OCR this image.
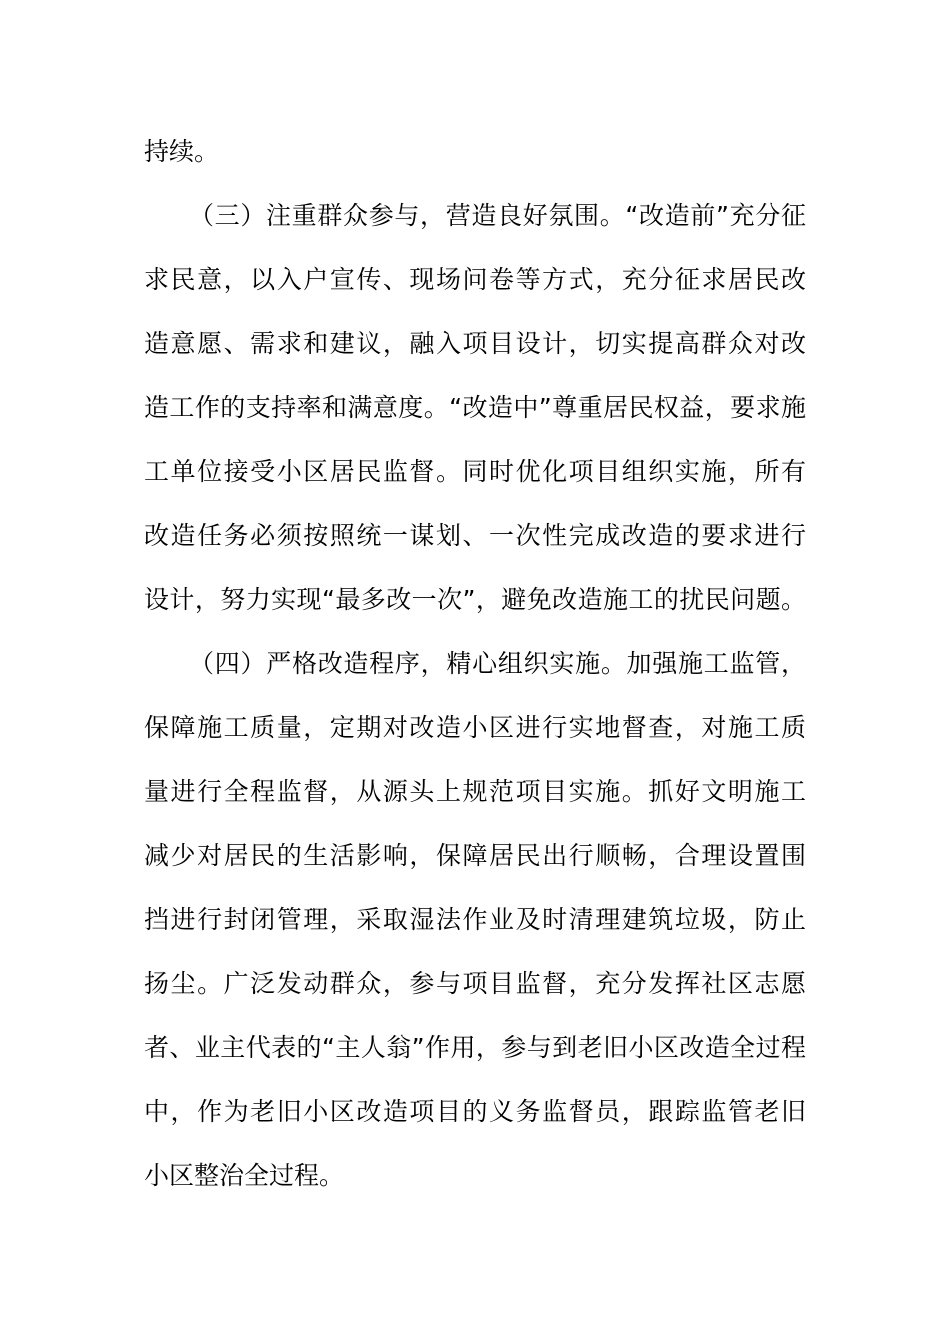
持续。
（三）注重群众参与，营造良好氛围。“改造前”充分征
求民意，以入户宣传、现场问卷等方式，充分征求居民改
造意愿、需求和建议，融入项目设计，切实提高群众对改
造工作的支持率和满意度。“改造中”尊重居民权益，要求施
工单位接受小区居民监督。同时优化项目组织实施，所有
改造任务必须按照统一谋划、一次性完成改造的要求进行
设计，努力实现“最多改一次”，避免改造施工的扰民问题。
（四）严格改造程序，精心组织实施。加强施工监管，
保障施工质量，定期对改造小区进行实地督查，对施工质
量进行全程监督，从源头上规范项目实施。抓好文明施工
减少对居民的生活影响，保障居民出行顺畅，合理设置围
挡进行封闭管理，采取湿法作业及时清理建筑垃圾，防止
扬尘。广泛发动群众，参与项目监督，充分发挥社区志愿
者、业主代表的“主人翁”作用，参与到老旧小区改造全过程
中，作为老旧小区改造项目的义务监督员，跟踪监管老旧
小区整治全过程。
